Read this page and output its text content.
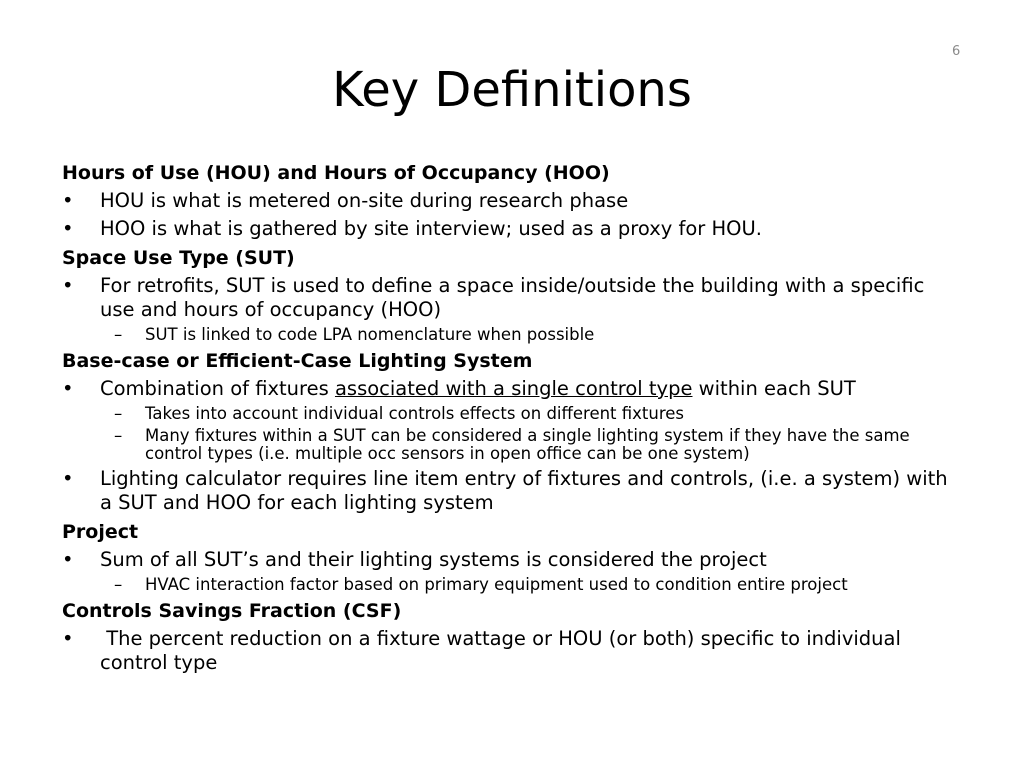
6
Key Definitions

Hours of Use (HOU) and Hours of Occupancy (HOO)

• HOU is what is metered on-site during research phase
• HOO is what is gathered by site interview; used as a proxy for HOU.

Space Use Type (SUT)

• For retrofits, SUT is used to define a space inside/outside the building with a specific use and hours of occupancy (HOO)
– SUT is linked to code LPA nomenclature when possible

Base-case or Efficient-Case Lighting System

• Combination of fixtures associated with a single control type within each SUT
– Takes into account individual controls effects on different fixtures
– Many fixtures within a SUT can be considered a single lighting system if they have the same control types (i.e. multiple occ sensors in open office can be one system)
• Lighting calculator requires line item entry of fixtures and controls, (i.e. a system) with a SUT and HOO for each lighting system

Project

• Sum of all SUT’s and their lighting systems is considered the project
– HVAC interaction factor based on primary equipment used to condition entire project

Controls Savings Fraction (CSF)

• The percent reduction on a fixture wattage or HOU (or both) specific to individual control type
